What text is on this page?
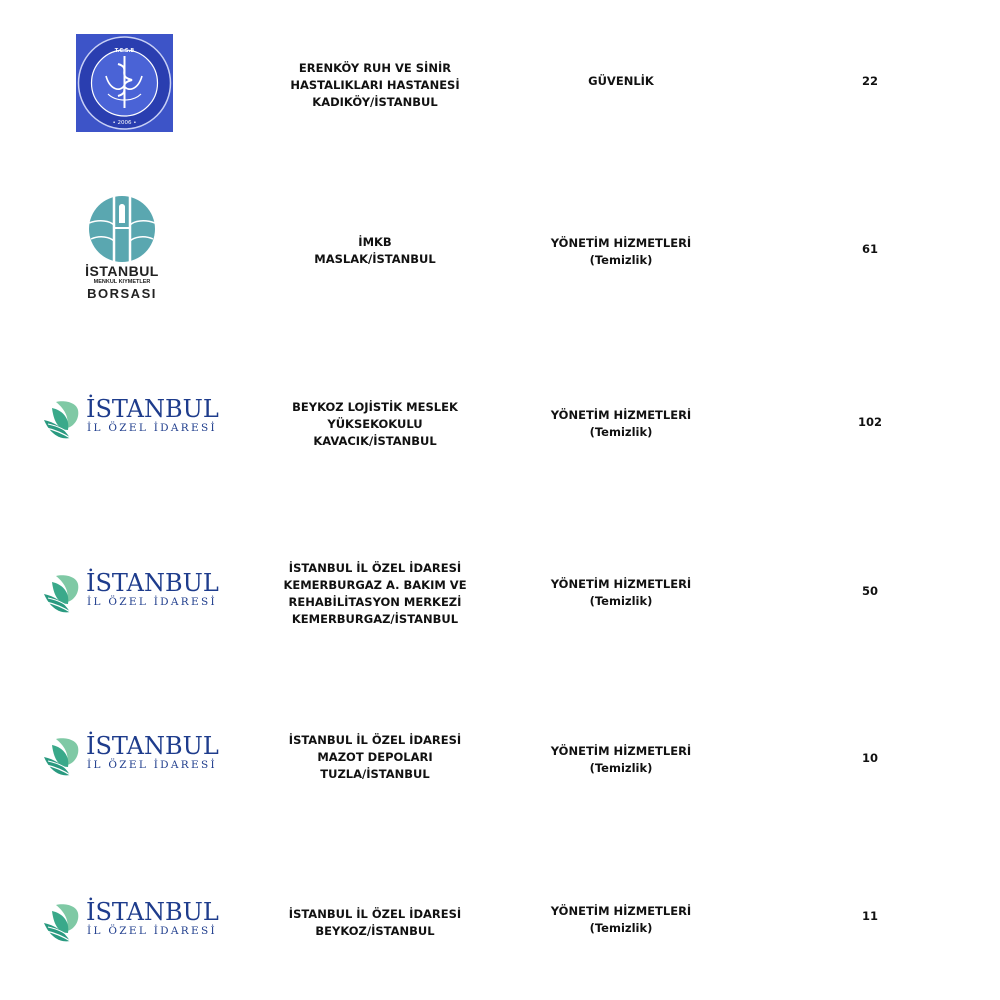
T.C.S.B
• 2006 •
ERENKÖY RUH VE SİNİR
HASTALIKLARI HASTANESİ
KADIKÖY/İSTANBUL
GÜVENLİK	22
İSTANBUL
MENKUL KIYMETLER
BORSASI
İMKB
MASLAK/İSTANBUL
YÖNETİM HİZMETLERİ
(Temizlik)
61
İSTANBUL
İL ÖZEL İDARESİ
BEYKOZ LOJİSTİK MESLEK
YÜKSEKOKULU
KAVACIK/İSTANBUL
YÖNETİM HİZMETLERİ
(Temizlik)
102
İSTANBUL
İL ÖZEL İDARESİ
İSTANBUL İL ÖZEL İDARESİ
KEMERBURGAZ A. BAKIM VE
REHABİLİTASYON MERKEZİ
KEMERBURGAZ/İSTANBUL
YÖNETİM HİZMETLERİ
(Temizlik)
50
İSTANBUL
İL ÖZEL İDARESİ
İSTANBUL İL ÖZEL İDARESİ
MAZOT DEPOLARI
TUZLA/İSTANBUL
YÖNETİM HİZMETLERİ
(Temizlik)
10
İSTANBUL
İL ÖZEL İDARESİ
İSTANBUL İL ÖZEL İDARESİ
BEYKOZ/İSTANBUL
YÖNETİM HİZMETLERİ
(Temizlik)
11
